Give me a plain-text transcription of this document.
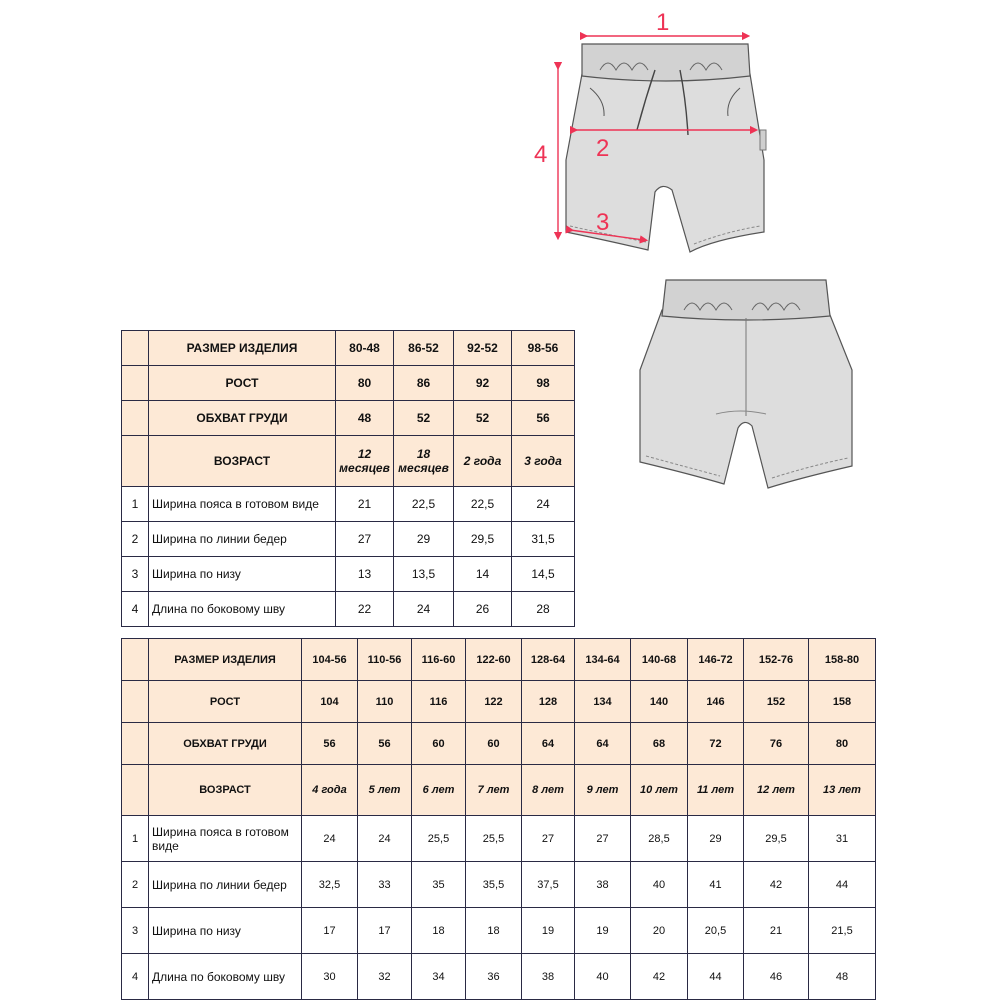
1
2
3
4
	РАЗМЕР ИЗДЕЛИЯ	80-48	86-52	92-52	98-56
	РОСТ	80	86	92	98
	ОБХВАТ ГРУДИ	48	52	52	56
	ВОЗРАСТ	12 месяцев	18 месяцев	2 года	3 года
1	Ширина пояса в готовом виде	21	22,5	22,5	24
2	Ширина по линии бедер	27	29	29,5	31,5
3	Ширина по низу	13	13,5	14	14,5
4	Длина по боковому шву	22	24	26	28
	РАЗМЕР ИЗДЕЛИЯ	104-56	110-56	116-60	122-60	128-64	134-64	140-68	146-72	152-76	158-80
	РОСТ	104	110	116	122	128	134	140	146	152	158
	ОБХВАТ ГРУДИ	56	56	60	60	64	64	68	72	76	80
	ВОЗРАСТ	4 года	5 лет	6 лет	7 лет	8 лет	9 лет	10 лет	11 лет	12 лет	13 лет
1	Ширина пояса в готовом виде	24	24	25,5	25,5	27	27	28,5	29	29,5	31
2	Ширина по линии бедер	32,5	33	35	35,5	37,5	38	40	41	42	44
3	Ширина по низу	17	17	18	18	19	19	20	20,5	21	21,5
4	Длина по боковому шву	30	32	34	36	38	40	42	44	46	48
